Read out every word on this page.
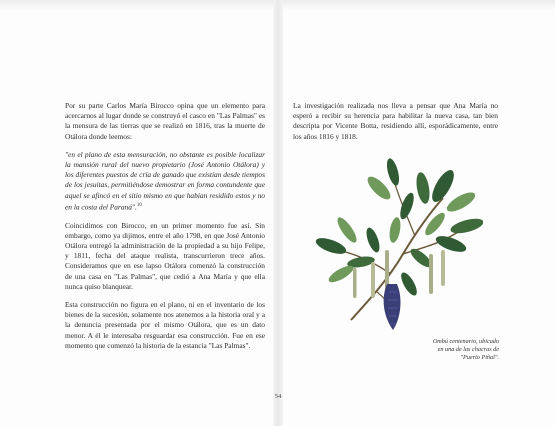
Por su parte Carlos María Birocco opina que un elemento para acercarnos al lugar donde se construyó el casco en "Las Palmas" es la mensura de las tierras que se realizó en 1816, tras la muerte de Otálora donde leemos:

"en el plano de esta mensuración, no obstante es posible localizar la mansión rural del nuevo propietario (José Antonio Otálora) y los diferentes puestos de cría de ganado que existían desde tiempos de los jesuitas, permitiéndose demostrar en forma contundente que aquel se afincó en el sitio mismo en que habían residido estos y no en la costa del Paraná".$^{10}$

Coincidimos con Birocco, en un primer momento fue así. Sin embargo, como ya dijimos, entre el año 1798, en que José Antonio Otálora entregó la administración de la propiedad a su hijo Felipe, y 1811, fecha del ataque realista, transcurrieron trece años. Consideramos que en ese lapso Otálora comenzó la construcción de una casa en "Las Palmas", que cedió a Ana María y que ella nunca quiso blanquear.

Esta construcción no figura en el plano, ni en el inventario de los bienes de la sucesión, solamente nos atenemos a la historia oral y a la denuncia presentada por el mismo Otálora, que es un dato menor. A él le interesaba resguardar esa construcción. Fue en ese momento que comenzó la historia de la estancia "Las Palmas".

La investigación realizada nos lleva a pensar que Ana María no esperó a recibir su herencia para habilitar la nueva casa, tan bien descripta por Vicente Botta, residiendo allí, esporádicamente, entre los años 1816 y 1818.

Ombú centenario, ubicado
en una de las chacras de
"Puerto Piñal".
54
